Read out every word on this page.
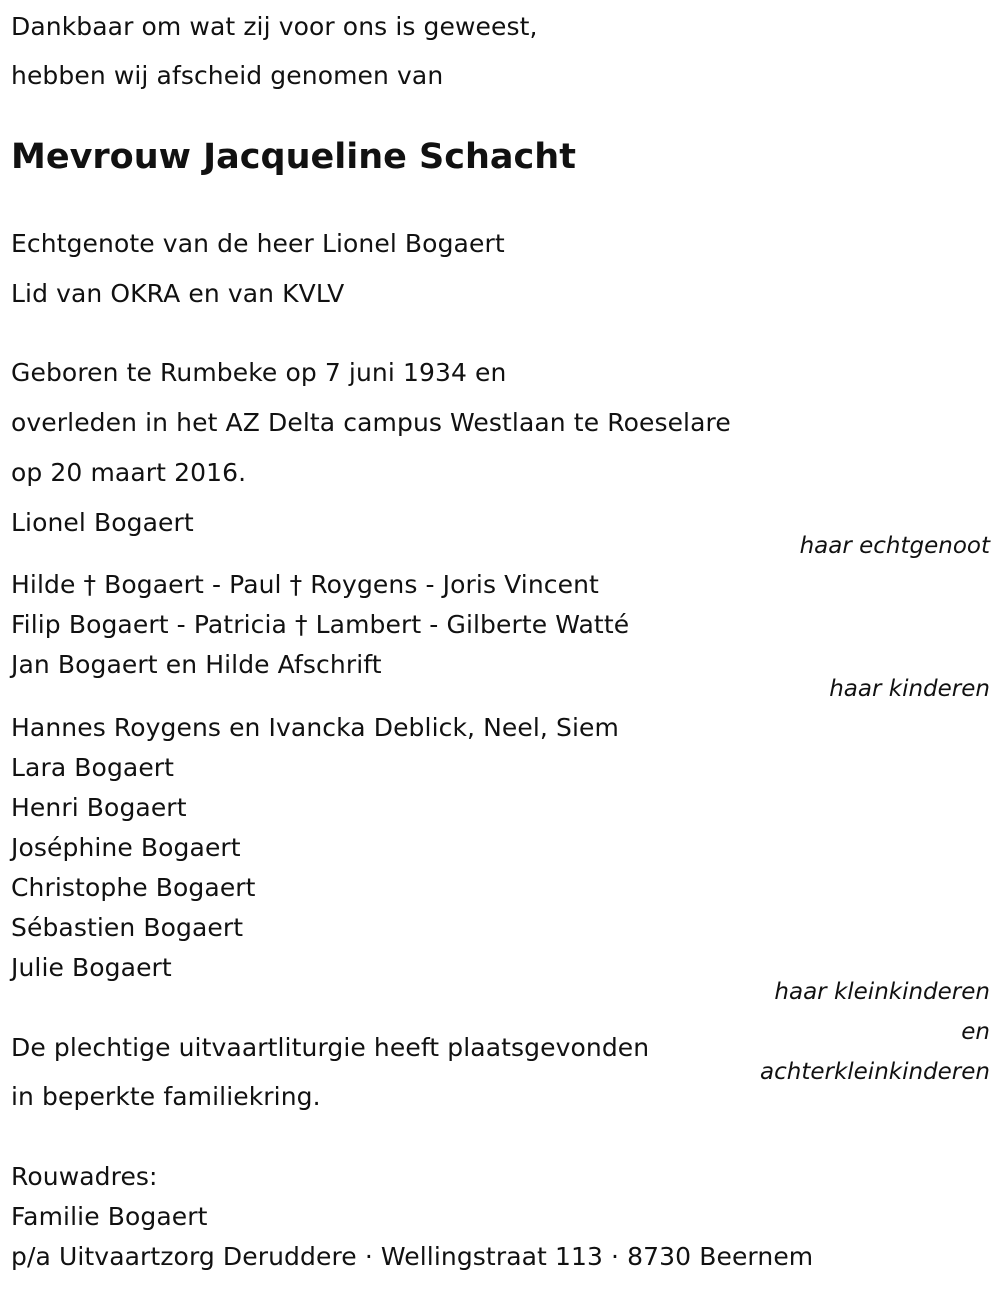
Dankbaar om wat zij voor ons is geweest,
hebben wij afscheid genomen van
Mevrouw Jacqueline Schacht
Echtgenote van de heer Lionel Bogaert
Lid van OKRA en van KVLV
Geboren te Rumbeke op 7 juni 1934 en
overleden in het AZ Delta campus Westlaan te Roeselare
op 20 maart 2016.
Lionel Bogaert
haar echtgenoot
Hilde † Bogaert - Paul † Roygens - Joris Vincent
Filip Bogaert - Patricia † Lambert - Gilberte Watté
Jan Bogaert en Hilde Afschrift
haar kinderen
Hannes Roygens en Ivancka Deblick, Neel, Siem
Lara Bogaert
Henri Bogaert
Joséphine Bogaert
Christophe Bogaert
Sébastien Bogaert
Julie Bogaert
haar kleinkinderen
en
achterkleinkinderen
De plechtige uitvaartliturgie heeft plaatsgevonden
in beperkte familiekring.
Rouwadres:
Familie Bogaert
p/a Uitvaartzorg Deruddere · Wellingstraat 113 · 8730 Beernem
